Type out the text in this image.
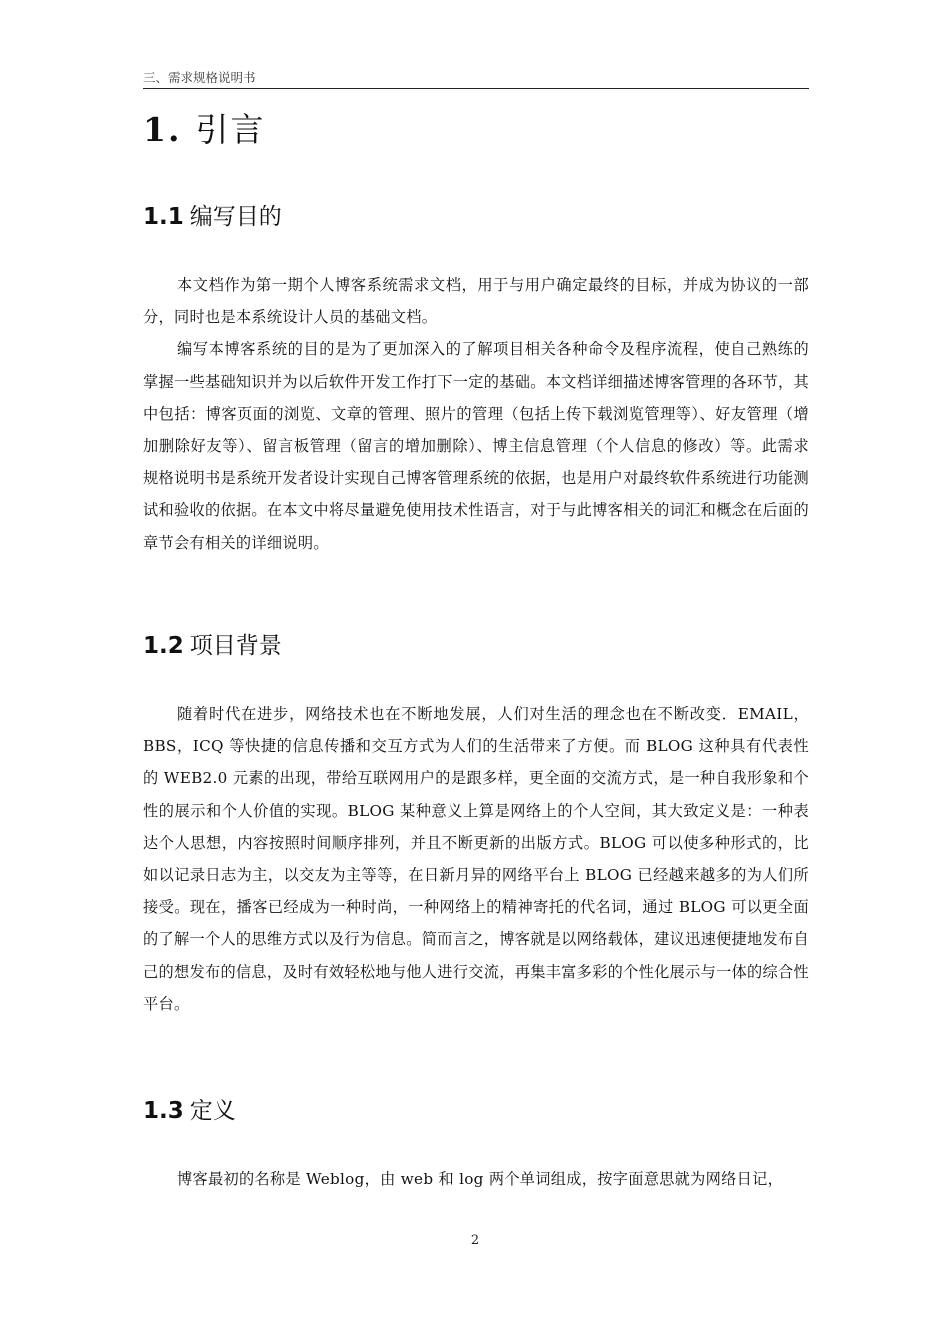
三、需求规格说明书
1. 引言
1.1 编写目的

本文档作为第一期个人博客系统需求文档，用于与用户确定最终的目标，并成为协议的一部分，同时也是本系统设计人员的基础文档。

编写本博客系统的目的是为了更加深入的了解项目相关各种命令及程序流程，使自己熟练的掌握一些基础知识并为以后软件开发工作打下一定的基础。本文档详细描述博客管理的各环节，其中包括：博客页面的浏览、文章的管理、照片的管理（包括上传下载浏览管理等）、好友管理（增加删除好友等）、留言板管理（留言的增加删除）、博主信息管理（个人信息的修改）等。此需求规格说明书是系统开发者设计实现自己博客管理系统的依据，也是用户对最终软件系统进行功能测试和验收的依据。在本文中将尽量避免使用技术性语言，对于与此博客相关的词汇和概念在后面的章节会有相关的详细说明。

1.2 项目背景

随着时代在进步，网络技术也在不断地发展，人们对生活的理念也在不断改变．EMAIL，BBS，ICQ 等快捷的信息传播和交互方式为人们的生活带来了方便。而 BLOG 这种具有代表性的 WEB2.0 元素的出现，带给互联网用户的是跟多样，更全面的交流方式，是一种自我形象和个性的展示和个人价值的实现。BLOG 某种意义上算是网络上的个人空间，其大致定义是：一种表达个人思想，内容按照时间顺序排列，并且不断更新的出版方式。BLOG 可以使多种形式的，比如以记录日志为主，以交友为主等等，在日新月异的网络平台上 BLOG 已经越来越多的为人们所接受。现在，播客已经成为一种时尚，一种网络上的精神寄托的代名词，通过 BLOG 可以更全面的了解一个人的思维方式以及行为信息。简而言之，博客就是以网络载体，建议迅速便捷地发布自己的想发布的信息，及时有效轻松地与他人进行交流，再集丰富多彩的个性化展示与一体的综合性平台。

1.3 定义

博客最初的名称是 Weblog，由 web 和 log 两个单词组成，按字面意思就为网络日记，

2
